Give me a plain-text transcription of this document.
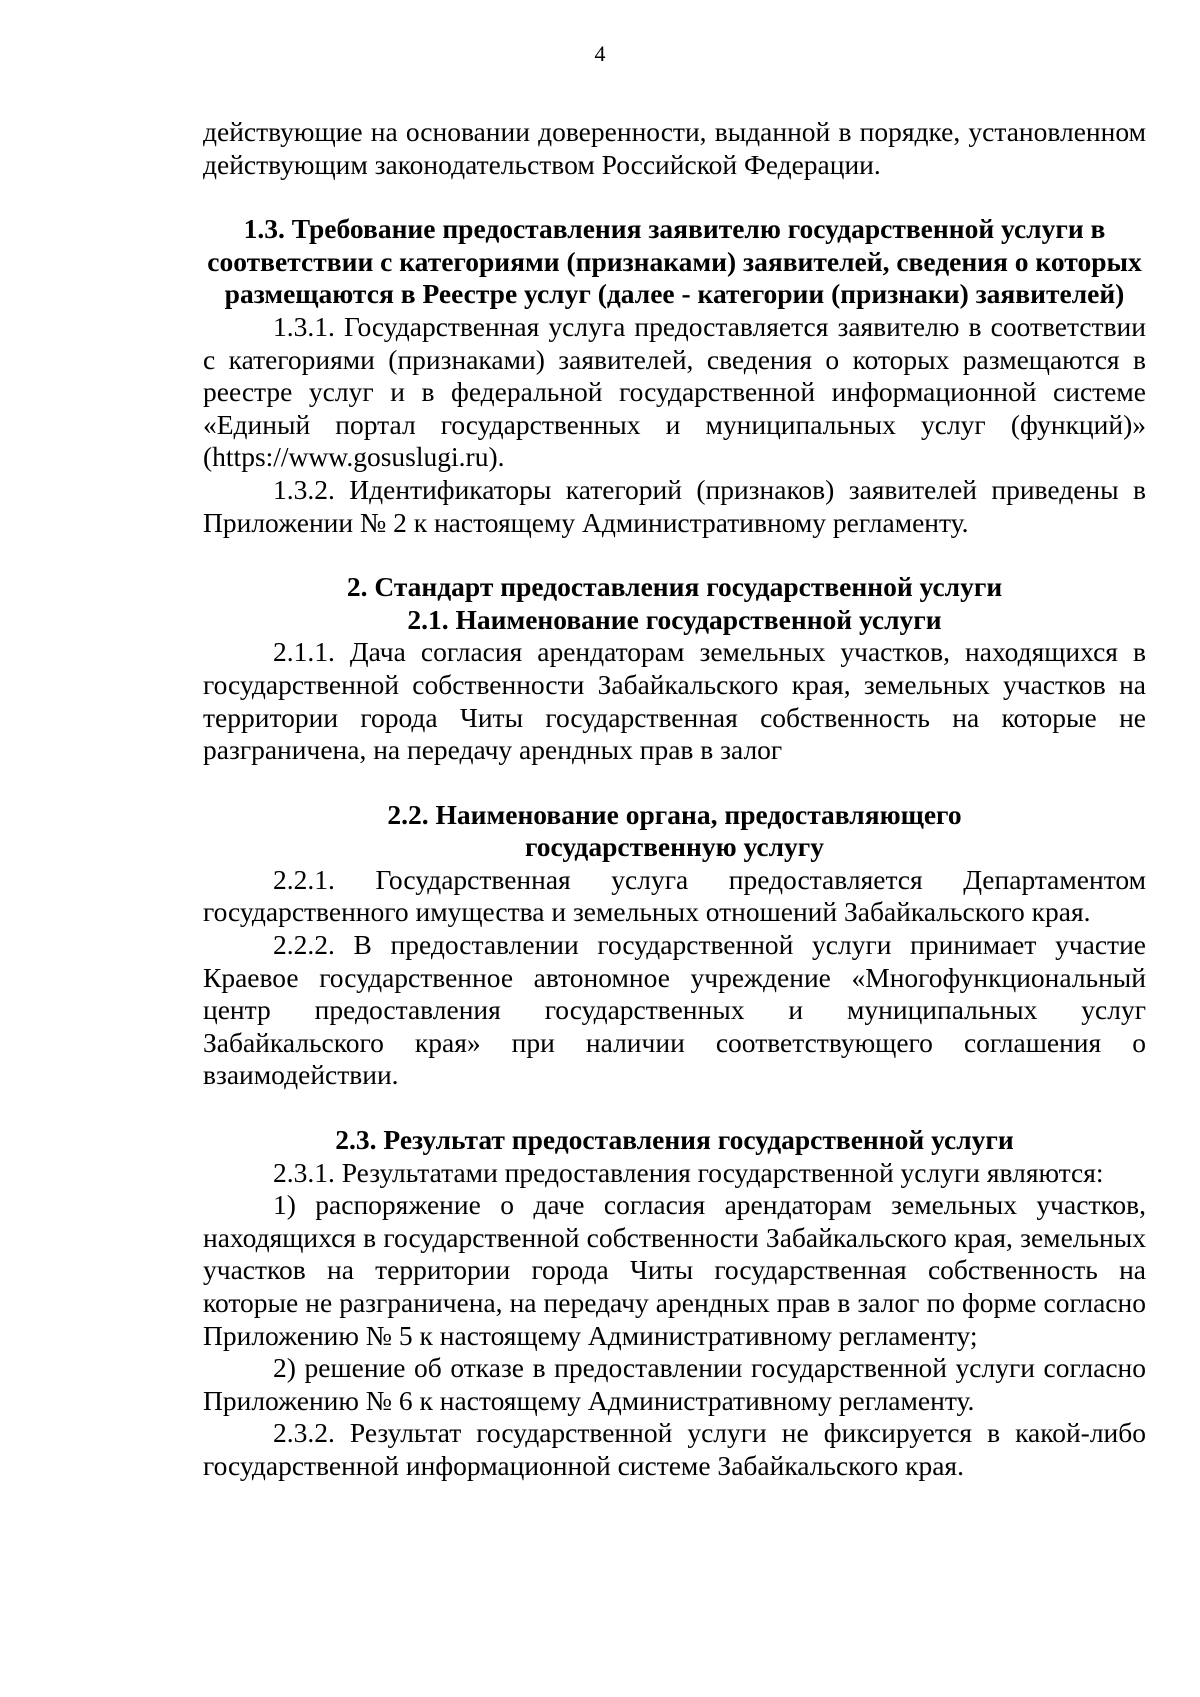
4

действующие на основании доверенности, выданной в порядке, установленном действующим законодательством Российской Федерации.

1.3. Требование предоставления заявителю государственной услуги в соответствии с категориями (признаками) заявителей, сведения о которых размещаются в Реестре услуг (далее - категории (признаки) заявителей)

1.3.1. Государственная услуга предоставляется заявителю в соответствии с категориями (признаками) заявителей, сведения о которых размещаются в реестре услуг и в федеральной государственной информационной системе «Единый портал государственных и муниципальных услуг (функций)» (https://www.gosuslugi.ru).

1.3.2. Идентификаторы категорий (признаков) заявителей приведены в Приложении № 2 к настоящему Административному регламенту.

2. Стандарт предоставления государственной услуги
2.1. Наименование государственной услуги

2.1.1. Дача согласия арендаторам земельных участков, находящихся в государственной собственности Забайкальского края, земельных участков на территории города Читы государственная собственность на которые не разграничена, на передачу арендных прав в залог

2.2. Наименование органа, предоставляющего
государственную услугу

2.2.1. Государственная услуга предоставляется Департаментом государственного имущества и земельных отношений Забайкальского края.

2.2.2. В предоставлении государственной услуги принимает участие Краевое государственное автономное учреждение «Многофункциональный центр предоставления государственных и муниципальных услуг Забайкальского края» при наличии соответствующего соглашения о взаимодействии.

2.3. Результат предоставления государственной услуги

2.3.1. Результатами предоставления государственной услуги являются:

1) распоряжение о даче согласия арендаторам земельных участков, находящихся в государственной собственности Забайкальского края, земельных участков на территории города Читы государственная собственность на которые не разграничена, на передачу арендных прав в залог по форме согласно Приложению № 5 к настоящему Административному регламенту;

2) решение об отказе в предоставлении государственной услуги согласно Приложению № 6 к настоящему Административному регламенту.

2.3.2. Результат государственной услуги не фиксируется в какой-либо государственной информационной системе Забайкальского края.
